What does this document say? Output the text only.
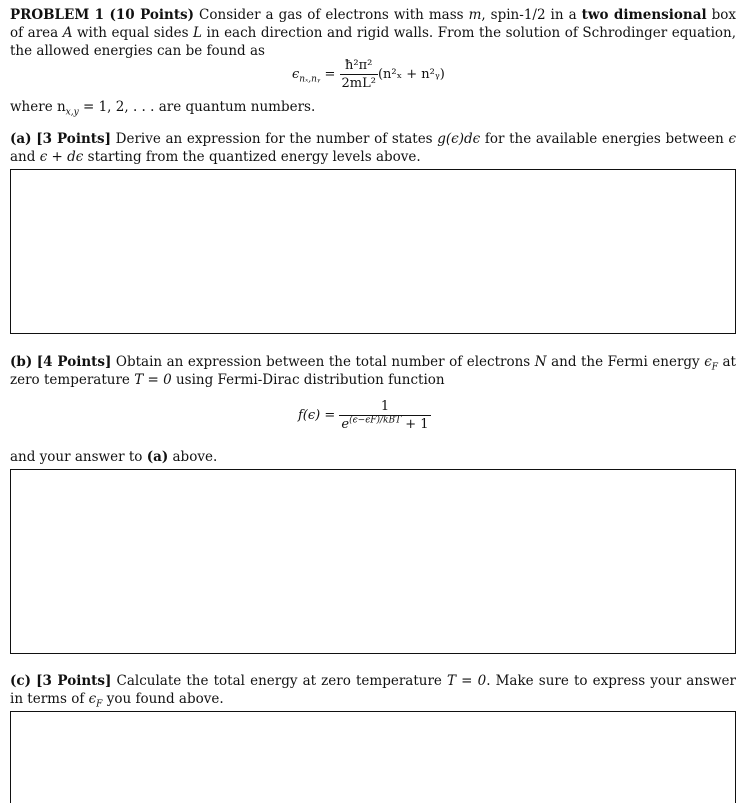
PROBLEM 1 (10 Points) Consider a gas of electrons with mass m, spin-1/2 in a two dimensional box of area A with equal sides L in each direction and rigid walls. From the solution of Schrodinger equation, the allowed energies can be found as
$\epsilon_{n_x,nᵧ} = \frac{\text{ħ²π²}}{\text{2mL²}} (n^2_x$ + n²ᵧ)
where $n_{x,y} = 1$, 2, . . . are quantum numbers.
(a) [3 Points] Derive an expression for the number of states g(ϵ)dϵ for the available energies between ϵ and ϵ + dϵ starting from the quantized energy levels above.
(b) [4 Points] Obtain an expression between the total number of electrons N and the Fermi energy $\epsilon_F$ at zero temperature T = 0 using Fermi-Dirac distribution function
$f(\epsilon) = \frac{1}{e^{(\epsilon-\epsilon F)/kBT} + 1}$
and your answer to (a) above.
(c) [3 Points] Calculate the total energy at zero temperature T = 0. Make sure to express your answer in terms of $\epsilon_F$ you found above.
